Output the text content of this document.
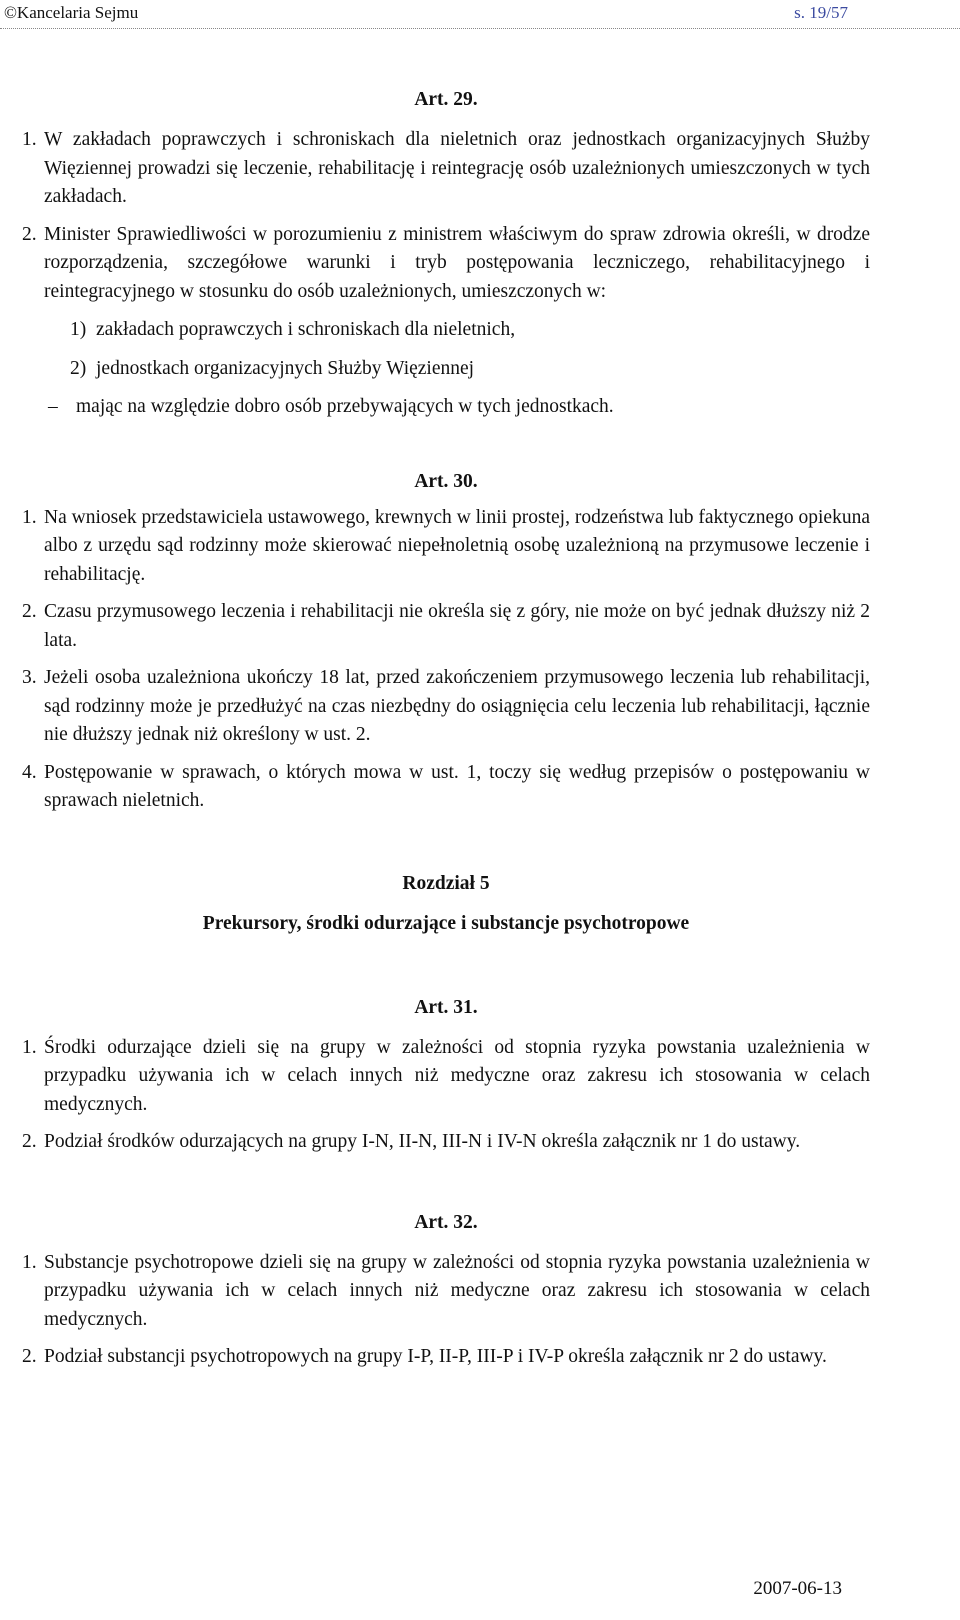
©Kancelaria Sejmu	s. 19/57
Art. 29.
1. W zakładach poprawczych i schroniskach dla nieletnich oraz jednostkach organizacyjnych Służby Więziennej prowadzi się leczenie, rehabilitację i reintegrację osób uzależnionych umieszczonych w tych zakładach.
2. Minister Sprawiedliwości w porozumieniu z ministrem właściwym do spraw zdrowia określi, w drodze rozporządzenia, szczegółowe warunki i tryb postępowania leczniczego, rehabilitacyjnego i reintegracyjnego w stosunku do osób uzależnionych, umieszczonych w:
1) zakładach poprawczych i schroniskach dla nieletnich,
2) jednostkach organizacyjnych Służby Więziennej
– mając na względzie dobro osób przebywających w tych jednostkach.
Art. 30.
1. Na wniosek przedstawiciela ustawowego, krewnych w linii prostej, rodzeństwa lub faktycznego opiekuna albo z urzędu sąd rodzinny może skierować niepełnoletnią osobę uzależnioną na przymusowe leczenie i rehabilitację.
2. Czasu przymusowego leczenia i rehabilitacji nie określa się z góry, nie może on być jednak dłuższy niż 2 lata.
3. Jeżeli osoba uzależniona ukończy 18 lat, przed zakończeniem przymusowego leczenia lub rehabilitacji, sąd rodzinny może je przedłużyć na czas niezbędny do osiągnięcia celu leczenia lub rehabilitacji, łącznie nie dłuższy jednak niż określony w ust. 2.
4. Postępowanie w sprawach, o których mowa w ust. 1, toczy się według przepisów o postępowaniu w sprawach nieletnich.
Rozdział 5
Prekursory, środki odurzające i substancje psychotropowe
Art. 31.
1. Środki odurzające dzieli się na grupy w zależności od stopnia ryzyka powstania uzależnienia w przypadku używania ich w celach innych niż medyczne oraz zakresu ich stosowania w celach medycznych.
2. Podział środków odurzających na grupy I-N, II-N, III-N i IV-N określa załącznik nr 1 do ustawy.
Art. 32.
1. Substancje psychotropowe dzieli się na grupy w zależności od stopnia ryzyka powstania uzależnienia w przypadku używania ich w celach innych niż medyczne oraz zakresu ich stosowania w celach medycznych.
2. Podział substancji psychotropowych na grupy I-P, II-P, III-P i IV-P określa załącznik nr 2 do ustawy.
2007-06-13
